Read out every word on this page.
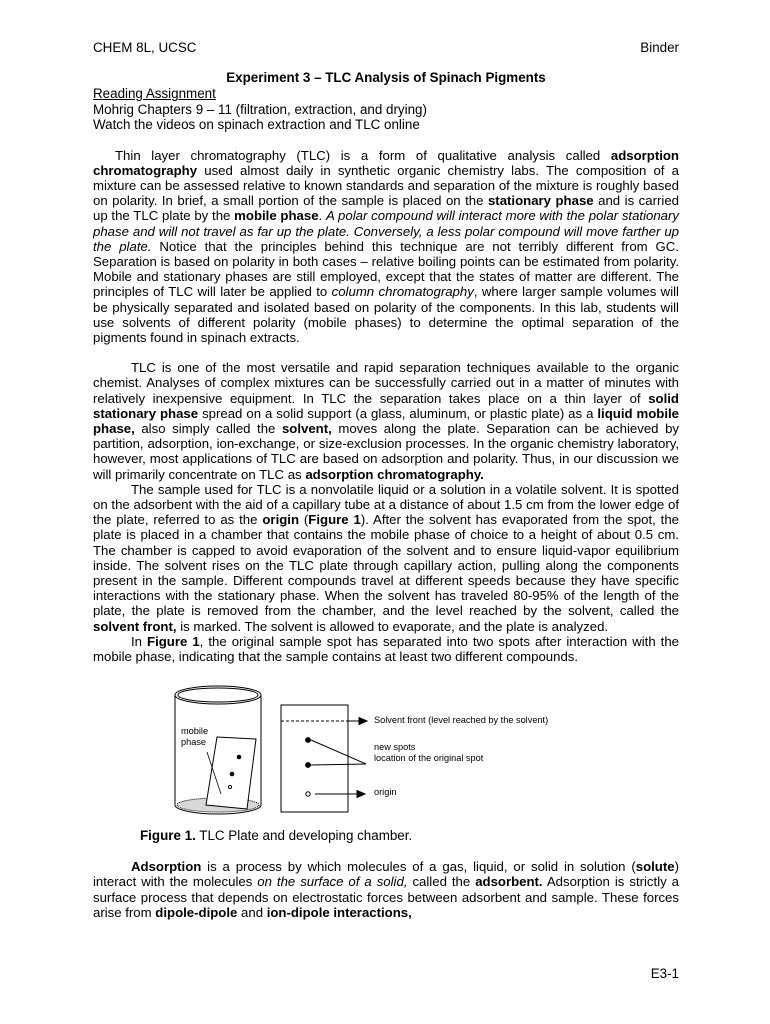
CHEM 8L, UCSC	Binder
Experiment 3 – TLC Analysis of Spinach Pigments
Reading Assignment
Mohrig Chapters 9 – 11 (filtration, extraction, and drying)
Watch the videos on spinach extraction and TLC online

Thin layer chromatography (TLC) is a form of qualitative analysis called adsorption chromatography used almost daily in synthetic organic chemistry labs. The composition of a mixture can be assessed relative to known standards and separation of the mixture is roughly based on polarity. In brief, a small portion of the sample is placed on the stationary phase and is carried up the TLC plate by the mobile phase. A polar compound will interact more with the polar stationary phase and will not travel as far up the plate. Conversely, a less polar compound will move farther up the plate. Notice that the principles behind this technique are not terribly different from GC. Separation is based on polarity in both cases – relative boiling points can be estimated from polarity. Mobile and stationary phases are still employed, except that the states of matter are different. The principles of TLC will later be applied to column chromatography, where larger sample volumes will be physically separated and isolated based on polarity of the components. In this lab, students will use solvents of different polarity (mobile phases) to determine the optimal separation of the pigments found in spinach extracts.

TLC is one of the most versatile and rapid separation techniques available to the organic chemist. Analyses of complex mixtures can be successfully carried out in a matter of minutes with relatively inexpensive equipment. In TLC the separation takes place on a thin layer of solid stationary phase spread on a solid support (a glass, aluminum, or plastic plate) as a liquid mobile phase, also simply called the solvent, moves along the plate. Separation can be achieved by partition, adsorption, ion-exchange, or size-exclusion processes. In the organic chemistry laboratory, however, most applications of TLC are based on adsorption and polarity. Thus, in our discussion we will primarily concentrate on TLC as adsorption chromatography.

The sample used for TLC is a nonvolatile liquid or a solution in a volatile solvent. It is spotted on the adsorbent with the aid of a capillary tube at a distance of about 1.5 cm from the lower edge of the plate, referred to as the origin (Figure 1). After the solvent has evaporated from the spot, the plate is placed in a chamber that contains the mobile phase of choice to a height of about 0.5 cm. The chamber is capped to avoid evaporation of the solvent and to ensure liquid-vapor equilibrium inside. The solvent rises on the TLC plate through capillary action, pulling along the components present in the sample. Different compounds travel at different speeds because they have specific interactions with the stationary phase. When the solvent has traveled 80-95% of the length of the plate, the plate is removed from the chamber, and the level reached by the solvent, called the solvent front, is marked. The solvent is allowed to evaporate, and the plate is analyzed.

In Figure 1, the original sample spot has separated into two spots after interaction with the mobile phase, indicating that the sample contains at least two different compounds.

mobile
phase
Solvent front (level reached by the solvent)
new spots
location of the original spot
origin
Figure 1. TLC Plate and developing chamber.

Adsorption is a process by which molecules of a gas, liquid, or solid in solution (solute) interact with the molecules on the surface of a solid, called the adsorbent. Adsorption is strictly a surface process that depends on electrostatic forces between adsorbent and sample. These forces arise from dipole-dipole and ion-dipole interactions,

E3-1
